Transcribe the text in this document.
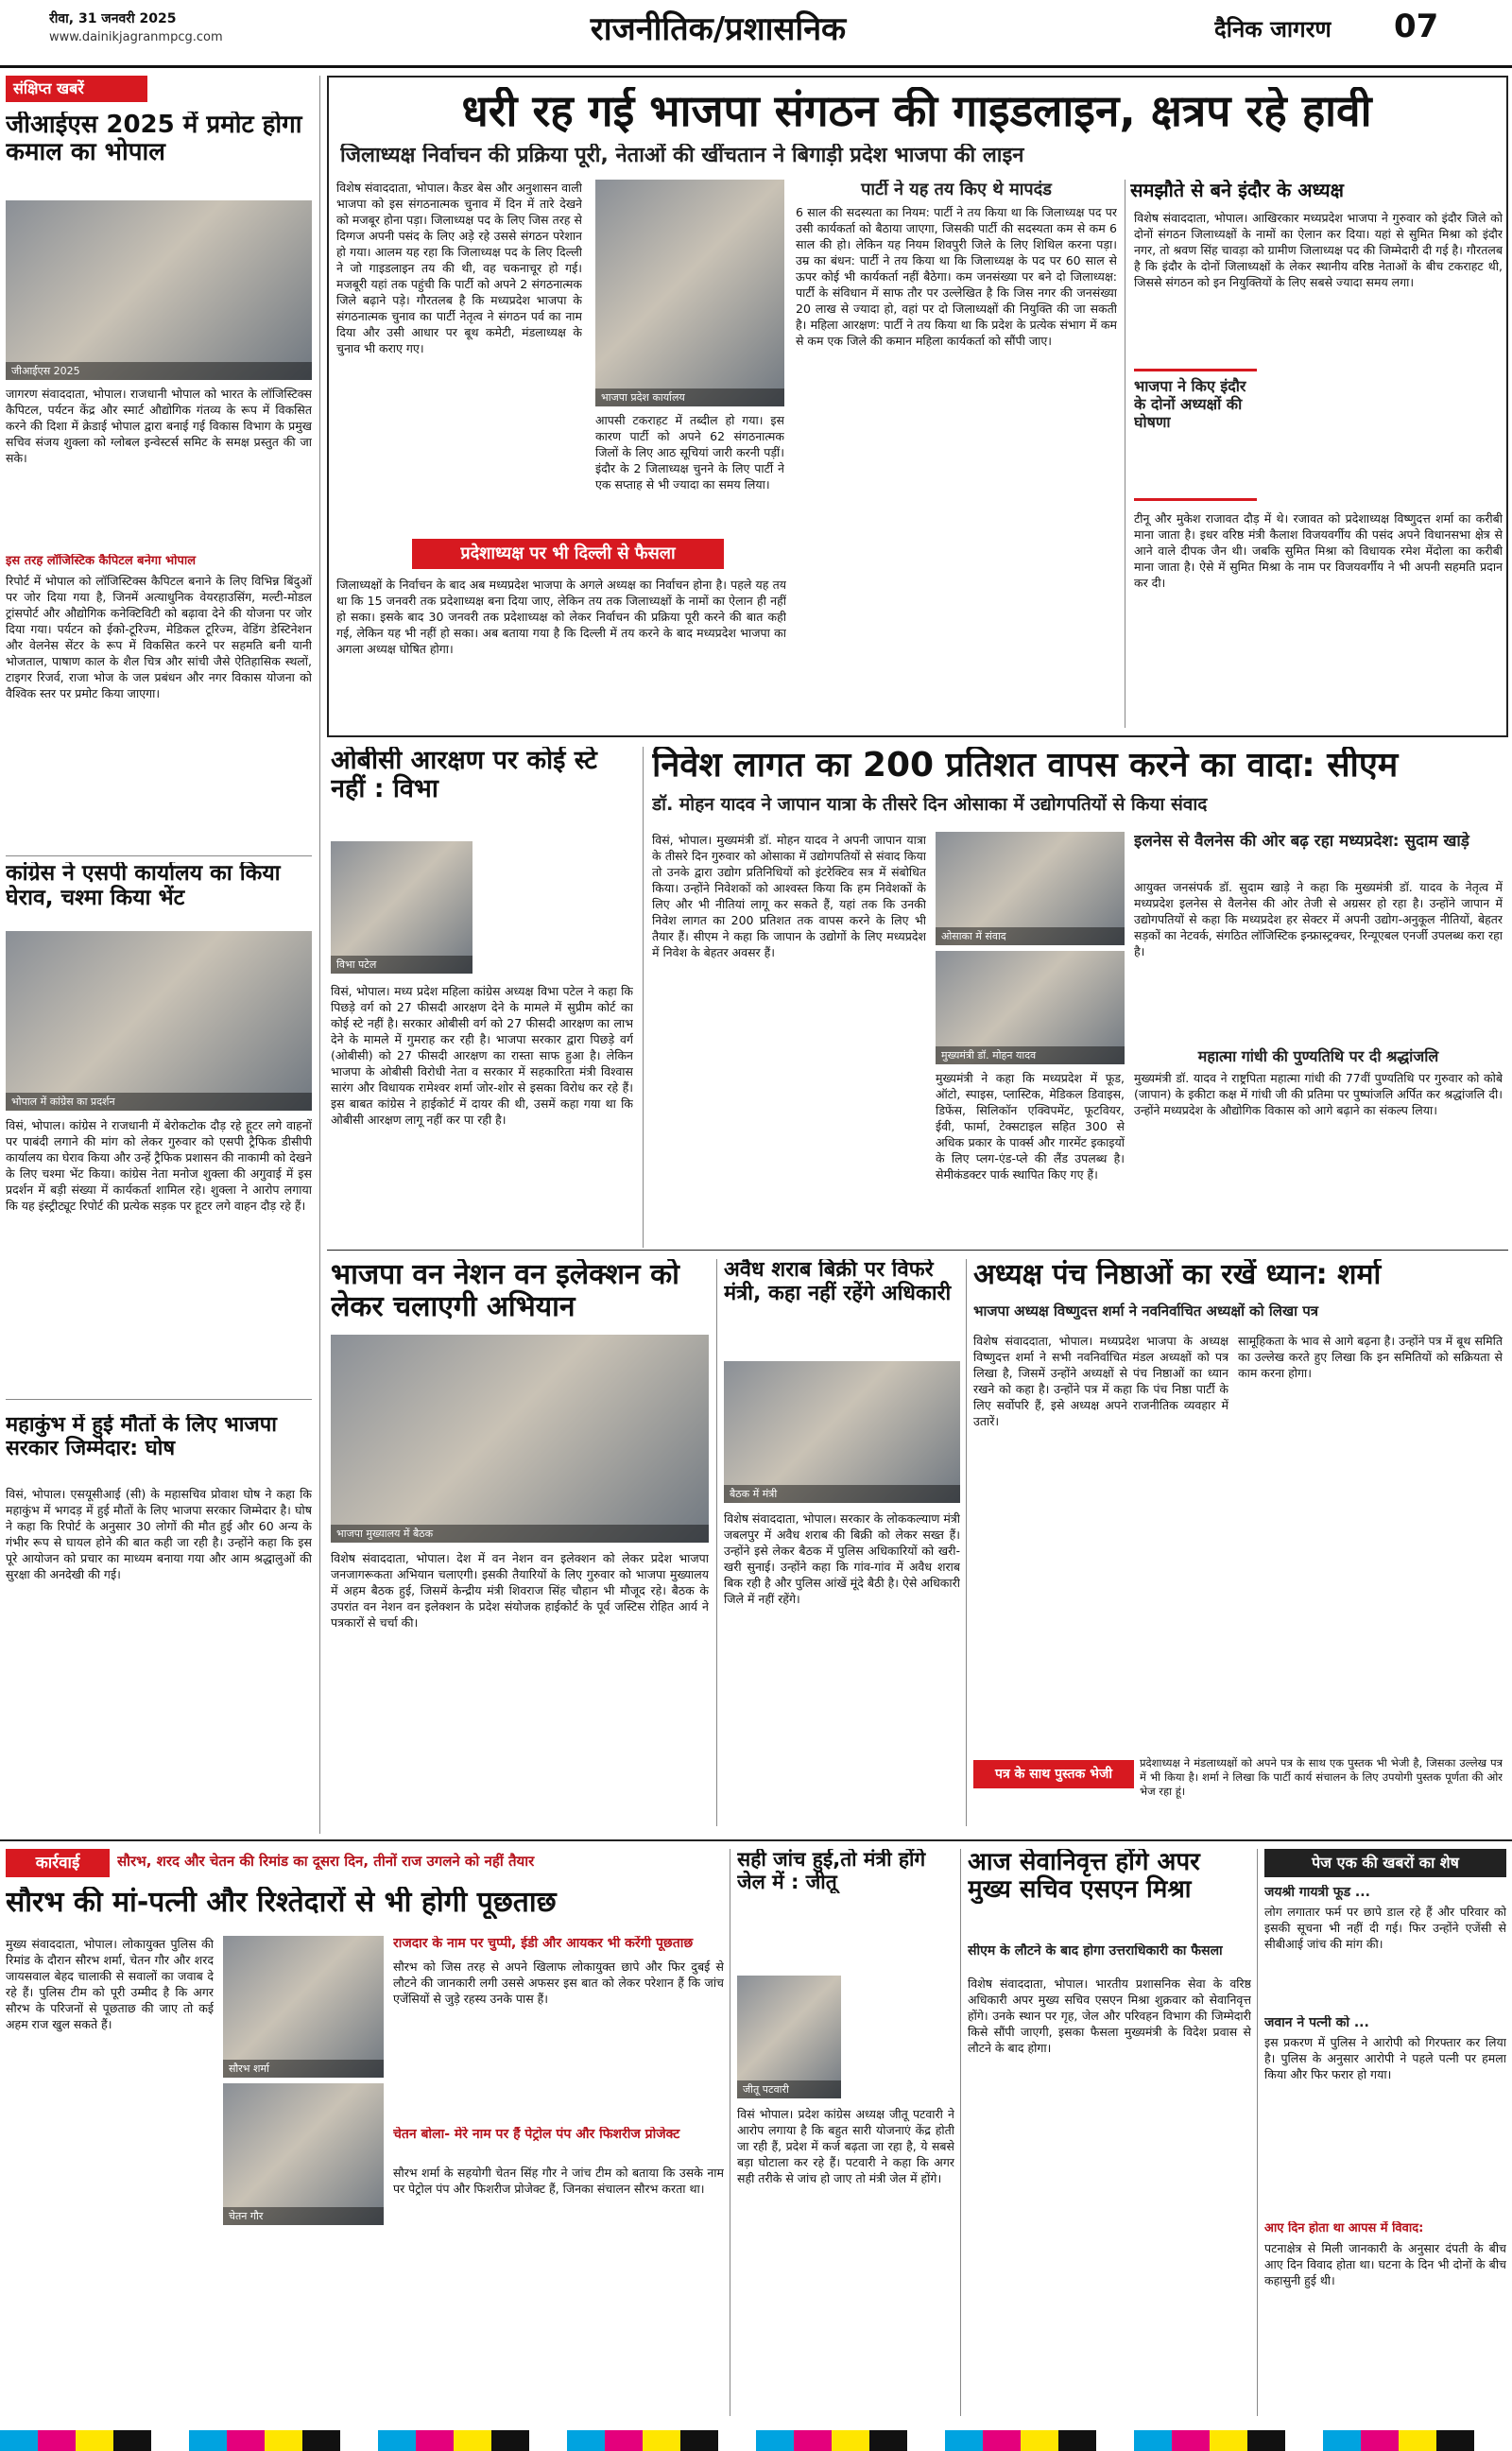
रीवा, 31 जनवरी 2025
www.dainikjagranmpcg.com	राजनीतिक/प्रशासनिक	दैनिक जागरण 07
संक्षिप्त खबरें
जीआईएस 2025 में प्रमोट होगा कमाल का भोपाल
जीआईएस 2025
जागरण संवाददाता, भोपाल। राजधानी भोपाल को भारत के लॉजिस्टिक्स कैपिटल, पर्यटन केंद्र और स्मार्ट औद्योगिक गंतव्य के रूप में विकसित करने की दिशा में क्रेडाई भोपाल द्वारा बनाई गई विकास विभाग के प्रमुख सचिव संजय शुक्ला को ग्लोबल इन्वेस्टर्स समिट के समक्ष प्रस्तुत की जा सके।
इस तरह लॉजिस्टिक कैपिटल बनेगा भोपाल
रिपोर्ट में भोपाल को लॉजिस्टिक्स कैपिटल बनाने के लिए विभिन्न बिंदुओं पर जोर दिया गया है, जिनमें अत्याधुनिक वेयरहाउसिंग, मल्टी-मोडल ट्रांसपोर्ट और औद्योगिक कनेक्टिविटी को बढ़ावा देने की योजना पर जोर दिया गया। पर्यटन को ईको-टूरिज्म, मेडिकल टूरिज्म, वेडिंग डेस्टिनेशन और वेलनेस सेंटर के रूप में विकसित करने पर सहमति बनी यानी भोजताल, पाषाण काल के शैल चित्र और सांची जैसे ऐतिहासिक स्थलों, टाइगर रिजर्व, राजा भोज के जल प्रबंधन और नगर विकास योजना को वैश्विक स्तर पर प्रमोट किया जाएगा।
कांग्रेस ने एसपी कार्यालय का किया घेराव, चश्मा किया भेंट
भोपाल में कांग्रेस का प्रदर्शन
विसं, भोपाल। कांग्रेस ने राजधानी में बेरोकटोक दौड़ रहे हूटर लगे वाहनों पर पाबंदी लगाने की मांग को लेकर गुरुवार को एसपी ट्रैफिक डीसीपी कार्यालय का घेराव किया और उन्हें ट्रैफिक प्रशासन की नाकामी को देखने के लिए चश्मा भेंट किया। कांग्रेस नेता मनोज शुक्ला की अगुवाई में इस प्रदर्शन में बड़ी संख्या में कार्यकर्ता शामिल रहे। शुक्ला ने आरोप लगाया कि यह इंस्ट्रीट्यूट रिपोर्ट की प्रत्येक सड़क पर हूटर लगे वाहन दौड़ रहे हैं।
महाकुंभ में हुई मौतों के लिए भाजपा सरकार जिम्मेदार: घोष
विसं, भोपाल। एसयूसीआई (सी) के महासचिव प्रोवाश घोष ने कहा कि महाकुंभ में भगदड़ में हुई मौतों के लिए भाजपा सरकार जिम्मेदार है। घोष ने कहा कि रिपोर्ट के अनुसार 30 लोगों की मौत हुई और 60 अन्य के गंभीर रूप से घायल होने की बात कही जा रही है। उन्होंने कहा कि इस पूरे आयोजन को प्रचार का माध्यम बनाया गया और आम श्रद्धालुओं की सुरक्षा की अनदेखी की गई।
धरी रह गई भाजपा संगठन की गाइडलाइन, क्षत्रप रहे हावी
जिलाध्यक्ष निर्वाचन की प्रक्रिया पूरी, नेताओं की खींचतान ने बिगाड़ी प्रदेश भाजपा की लाइन
विशेष संवाददाता, भोपाल। कैडर बेस और अनुशासन वाली भाजपा को इस संगठनात्मक चुनाव में दिन में तारे देखने को मजबूर होना पड़ा। जिलाध्यक्ष पद के लिए जिस तरह से दिग्गज अपनी पसंद के लिए अड़े रहे उससे संगठन परेशान हो गया। आलम यह रहा कि जिलाध्यक्ष पद के लिए दिल्ली ने जो गाइडलाइन तय की थी, वह चकनाचूर हो गई। मजबूरी यहां तक पहुंची कि पार्टी को अपने 2 संगठनात्मक जिले बढ़ाने पड़े। गौरतलब है कि मध्यप्रदेश भाजपा के संगठनात्मक चुनाव का पार्टी नेतृत्व ने संगठन पर्व का नाम दिया और उसी आधार पर बूथ कमेटी, मंडलाध्यक्ष के चुनाव भी कराए गए।
भाजपा प्रदेश कार्यालय
आपसी टकराहट में तब्दील हो गया। इस कारण पार्टी को अपने 62 संगठनात्मक जिलों के लिए आठ सूचियां जारी करनी पड़ीं। इंदौर के 2 जिलाध्यक्ष चुनने के लिए पार्टी ने एक सप्ताह से भी ज्यादा का समय लिया।
पार्टी ने यह तय किए थे मापदंड
6 साल की सदस्यता का नियम: पार्टी ने तय किया था कि जिलाध्यक्ष पद पर उसी कार्यकर्ता को बैठाया जाएगा, जिसकी पार्टी की सदस्यता कम से कम 6 साल की हो। लेकिन यह नियम शिवपुरी जिले के लिए शिथिल करना पड़ा। उम्र का बंधन: पार्टी ने तय किया था कि जिलाध्यक्ष के पद पर 60 साल से ऊपर कोई भी कार्यकर्ता नहीं बैठेगा। कम जनसंख्या पर बने दो जिलाध्यक्ष: पार्टी के संविधान में साफ तौर पर उल्लेखित है कि जिस नगर की जनसंख्या 20 लाख से ज्यादा हो, वहां पर दो जिलाध्यक्षों की नियुक्ति की जा सकती है। महिला आरक्षण: पार्टी ने तय किया था कि प्रदेश के प्रत्येक संभाग में कम से कम एक जिले की कमान महिला कार्यकर्ता को सौंपी जाए।
प्रदेशाध्यक्ष पर भी दिल्ली से फैसला
जिलाध्यक्षों के निर्वाचन के बाद अब मध्यप्रदेश भाजपा के अगले अध्यक्ष का निर्वाचन होना है। पहले यह तय था कि 15 जनवरी तक प्रदेशाध्यक्ष बना दिया जाए, लेकिन तय तक जिलाध्यक्षों के नामों का ऐलान ही नहीं हो सका। इसके बाद 30 जनवरी तक प्रदेशाध्यक्ष को लेकर निर्वाचन की प्रक्रिया पूरी करने की बात कही गई, लेकिन यह भी नहीं हो सका। अब बताया गया है कि दिल्ली में तय करने के बाद मध्यप्रदेश भाजपा का अगला अध्यक्ष घोषित होगा।
समझौते से बने इंदौर के अध्यक्ष
विशेष संवाददाता, भोपाल। आखिरकार मध्यप्रदेश भाजपा ने गुरुवार को इंदौर जिले को दोनों संगठन जिलाध्यक्षों के नामों का ऐलान कर दिया। यहां से सुमित मिश्रा को इंदौर नगर, तो श्रवण सिंह चावड़ा को ग्रामीण जिलाध्यक्ष पद की जिम्मेदारी दी गई है। गौरतलब है कि इंदौर के दोनों जिलाध्यक्षों के लेकर स्थानीय वरिष्ठ नेताओं के बीच टकराहट थी, जिससे संगठन को इन नियुक्तियों के लिए सबसे ज्यादा समय लगा।
भाजपा ने किए इंदौर के दोनों अध्यक्षों की घोषणा
टीनू और मुकेश राजावत दौड़ में थे। रजावत को प्रदेशाध्यक्ष विष्णुदत्त शर्मा का करीबी माना जाता है। इधर वरिष्ठ मंत्री कैलाश विजयवर्गीय की पसंद अपने विधानसभा क्षेत्र से आने वाले दीपक जैन थी। जबकि सुमित मिश्रा को विधायक रमेश मेंदोला का करीबी माना जाता है। ऐसे में सुमित मिश्रा के नाम पर विजयवर्गीय ने भी अपनी सहमति प्रदान कर दी।
ओबीसी आरक्षण पर कोई स्टे नहीं : विभा
विभा पटेल
विसं, भोपाल। मध्य प्रदेश महिला कांग्रेस अध्यक्ष विभा पटेल ने कहा कि पिछड़े वर्ग को 27 फीसदी आरक्षण देने के मामले में सुप्रीम कोर्ट का कोई स्टे नहीं है। सरकार ओबीसी वर्ग को 27 फीसदी आरक्षण का लाभ देने के मामले में गुमराह कर रही है। भाजपा सरकार द्वारा पिछड़े वर्ग (ओबीसी) को 27 फीसदी आरक्षण का रास्ता साफ हुआ है। लेकिन भाजपा के ओबीसी विरोधी नेता व सरकार में सहकारिता मंत्री विश्वास सारंग और विधायक रामेश्वर शर्मा जोर-शोर से इसका विरोध कर रहे हैं। इस बाबत कांग्रेस ने हाईकोर्ट में दायर की थी, उसमें कहा गया था कि ओबीसी आरक्षण लागू नहीं कर पा रही है।
निवेश लागत का 200 प्रतिशत वापस करने का वादा: सीएम
डॉ. मोहन यादव ने जापान यात्रा के तीसरे दिन ओसाका में उद्योगपतियों से किया संवाद
विसं, भोपाल। मुख्यमंत्री डॉ. मोहन यादव ने अपनी जापान यात्रा के तीसरे दिन गुरुवार को ओसाका में उद्योगपतियों से संवाद किया तो उनके द्वारा उद्योग प्रतिनिधियों को इंटरेक्टिव सत्र में संबोधित किया। उन्होंने निवेशकों को आश्वस्त किया कि हम निवेशकों के लिए और भी नीतियां लागू कर सकते हैं, यहां तक कि उनकी निवेश लागत का 200 प्रतिशत तक वापस करने के लिए भी तैयार हैं। सीएम ने कहा कि जापान के उद्योगों के लिए मध्यप्रदेश में निवेश के बेहतर अवसर हैं।
ओसाका में संवाद
मुख्यमंत्री डॉ. मोहन यादव
मुख्यमंत्री ने कहा कि मध्यप्रदेश में फूड, ऑटो, स्पाइस, प्लास्टिक, मेडिकल डिवाइस, डिफेंस, सिलिकॉन एक्विपमेंट, फूटवियर, ईवी, फार्मा, टेक्सटाइल सहित 300 से अधिक प्रकार के पार्क्स और गारमेंट इकाइयों के लिए प्लग-एंड-प्ले की लैंड उपलब्ध है। सेमीकंडक्टर पार्क स्थापित किए गए हैं।
इलनेस से वैलनेस की ओर बढ़ रहा मध्यप्रदेश: सुदाम खाड़े
आयुक्त जनसंपर्क डॉ. सुदाम खाड़े ने कहा कि मुख्यमंत्री डॉ. यादव के नेतृत्व में मध्यप्रदेश इलनेस से वैलनेस की ओर तेजी से अग्रसर हो रहा है। उन्होंने जापान में उद्योगपतियों से कहा कि मध्यप्रदेश हर सेक्टर में अपनी उद्योग-अनुकूल नीतियों, बेहतर सड़कों का नेटवर्क, संगठित लॉजिस्टिक इन्फ्रास्ट्रक्चर, रिन्यूएबल एनर्जी उपलब्ध करा रहा है।
महात्मा गांधी की पुण्यतिथि पर दी श्रद्धांजलि
मुख्यमंत्री डॉ. यादव ने राष्ट्रपिता महात्मा गांधी की 77वीं पुण्यतिथि पर गुरुवार को कोबे (जापान) के इकीटा कक्ष में गांधी जी की प्रतिमा पर पुष्पांजलि अर्पित कर श्रद्धांजलि दी। उन्होंने मध्यप्रदेश के औद्योगिक विकास को आगे बढ़ाने का संकल्प लिया।
भाजपा वन नेशन वन इलेक्शन को लेकर चलाएगी अभियान
भाजपा मुख्यालय में बैठक
विशेष संवाददाता, भोपाल। देश में वन नेशन वन इलेक्शन को लेकर प्रदेश भाजपा जनजागरूकता अभियान चलाएगी। इसकी तैयारियों के लिए गुरुवार को भाजपा मुख्यालय में अहम बैठक हुई, जिसमें केन्द्रीय मंत्री शिवराज सिंह चौहान भी मौजूद रहे। बैठक के उपरांत वन नेशन वन इलेक्शन के प्रदेश संयोजक हाईकोर्ट के पूर्व जस्टिस रोहित आर्य ने पत्रकारों से चर्चा की।
अवैध शराब बिक्री पर विफरे मंत्री, कहा नहीं रहेंगे अधिकारी
बैठक में मंत्री
विशेष संवाददाता, भोपाल। सरकार के लोककल्याण मंत्री जबलपुर में अवैध शराब की बिक्री को लेकर सख्त हैं। उन्होंने इसे लेकर बैठक में पुलिस अधिकारियों को खरी-खरी सुनाई। उन्होंने कहा कि गांव-गांव में अवैध शराब बिक रही है और पुलिस आंखें मूंदे बैठी है। ऐसे अधिकारी जिले में नहीं रहेंगे।
अध्यक्ष पंच निष्ठाओं का रखें ध्यान: शर्मा
भाजपा अध्यक्ष विष्णुदत्त शर्मा ने नवनिर्वाचित अध्यक्षों को लिखा पत्र
विशेष संवाददाता, भोपाल। मध्यप्रदेश भाजपा के अध्यक्ष विष्णुदत्त शर्मा ने सभी नवनिर्वाचित मंडल अध्यक्षों को पत्र लिखा है, जिसमें उन्होंने अध्यक्षों से पंच निष्ठाओं का ध्यान रखने को कहा है। उन्होंने पत्र में कहा कि पंच निष्ठा पार्टी के लिए सर्वोपरि हैं, इसे अध्यक्ष अपने राजनीतिक व्यवहार में उतारें।
सामूहिकता के भाव से आगे बढ़ना है। उन्होंने पत्र में बूथ समिति का उल्लेख करते हुए लिखा कि इन समितियों को सक्रियता से काम करना होगा।
पत्र के साथ पुस्तक भेजी
प्रदेशाध्यक्ष ने मंडलाध्यक्षों को अपने पत्र के साथ एक पुस्तक भी भेजी है, जिसका उल्लेख पत्र में भी किया है। शर्मा ने लिखा कि पार्टी कार्य संचालन के लिए उपयोगी पुस्तक पूर्णता की ओर भेज रहा हूं।
कार्रवाई	सौरभ, शरद और चेतन की रिमांड का दूसरा दिन, तीनों राज उगलने को नहीं तैयार
सौरभ की मां-पत्नी और रिश्तेदारों से भी होगी पूछताछ
मुख्य संवाददाता, भोपाल। लोकायुक्त पुलिस की रिमांड के दौरान सौरभ शर्मा, चेतन गौर और शरद जायसवाल बेहद चालाकी से सवालों का जवाब दे रहे हैं। पुलिस टीम को पूरी उम्मीद है कि अगर सौरभ के परिजनों से पूछताछ की जाए तो कई अहम राज खुल सकते हैं।
सौरभ शर्मा
चेतन गौर
राजदार के नाम पर चुप्पी, ईडी और आयकर भी करेंगी पूछताछ
सौरभ को जिस तरह से अपने खिलाफ लोकायुक्त छापे और फिर दुबई से लौटने की जानकारी लगी उससे अफसर इस बात को लेकर परेशान हैं कि जांच एजेंसियों से जुड़े रहस्य उनके पास हैं।
चेतन बोला- मेरे नाम पर हैं पेट्रोल पंप और फिशरीज प्रोजेक्ट
सौरभ शर्मा के सहयोगी चेतन सिंह गौर ने जांच टीम को बताया कि उसके नाम पर पेट्रोल पंप और फिशरीज प्रोजेक्ट हैं, जिनका संचालन सौरभ करता था।
सही जांच हुई,तो मंत्री होंगे जेल में : जीतू
जीतू पटवारी
विसं भोपाल। प्रदेश कांग्रेस अध्यक्ष जीतू पटवारी ने आरोप लगाया है कि बहुत सारी योजनाएं केंद्र होती जा रही हैं, प्रदेश में कर्ज बढ़ता जा रहा है, ये सबसे बड़ा घोटाला कर रहे हैं। पटवारी ने कहा कि अगर सही तरीके से जांच हो जाए तो मंत्री जेल में होंगे।
आज सेवानिवृत्त होंगे अपर मुख्य सचिव एसएन मिश्रा
सीएम के लौटने के बाद होगा उत्तराधिकारी का फैसला
विशेष संवाददाता, भोपाल। भारतीय प्रशासनिक सेवा के वरिष्ठ अधिकारी अपर मुख्य सचिव एसएन मिश्रा शुक्रवार को सेवानिवृत्त होंगे। उनके स्थान पर गृह, जेल और परिवहन विभाग की जिम्मेदारी किसे सौंपी जाएगी, इसका फैसला मुख्यमंत्री के विदेश प्रवास से लौटने के बाद होगा।
पेज एक की खबरों का शेष
जयश्री गायत्री फूड ...
लोग लगातार फर्म पर छापे डाल रहे हैं और परिवार को इसकी सूचना भी नहीं दी गई। फिर उन्होंने एजेंसी से सीबीआई जांच की मांग की।
जवान ने पत्नी को ...
इस प्रकरण में पुलिस ने आरोपी को गिरफ्तार कर लिया है। पुलिस के अनुसार आरोपी ने पहले पत्नी पर हमला किया और फिर फरार हो गया।
आए दिन होता था आपस में विवाद:
पटनाक्षेत्र से मिली जानकारी के अनुसार दंपती के बीच आए दिन विवाद होता था। घटना के दिन भी दोनों के बीच कहासुनी हुई थी।
